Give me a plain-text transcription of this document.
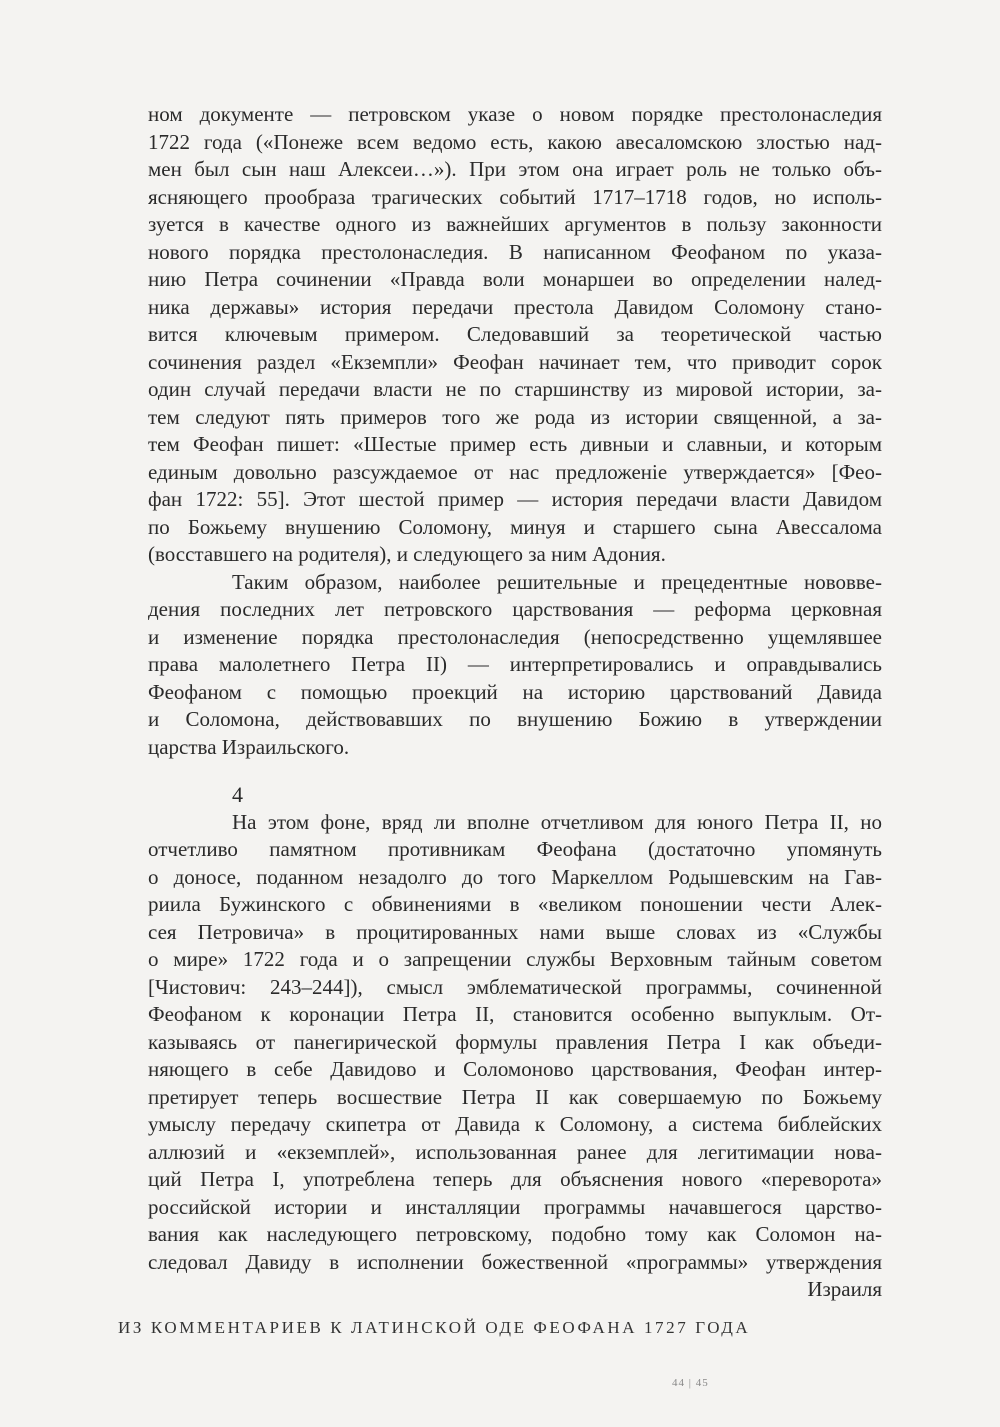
ном документе — петровском указе о новом порядке престолонаследия
1722 года («Понеже всем ведомо есть, какою авесаломскою злостью над-
мен был сын наш Алексеи…»). При этом она играет роль не только объ-
ясняющего прообраза трагических событий 1717–1718 годов, но исполь-
зуется в качестве одного из важнейших аргументов в пользу законности
нового порядка престолонаследия. В написанном Феофаном по указа-
нию Петра сочинении «Правда воли монаршеи во определении налед-
ника державы» история передачи престола Давидом Соломону стано-
вится ключевым примером. Следовавший за теоретической частью
сочинения раздел «Екземпли» Феофан начинает тем, что приводит сорок
один случай передачи власти не по старшинству из мировой истории, за-
тем следуют пять примеров того же рода из истории священной, а за-
тем Феофан пишет: «Шестые пример есть дивныи и славныи, и которым
единым довольно разсуждаемое от нас предложеніе утверждается» [Фео-
фан 1722: 55]. Этот шестой пример — история передачи власти Давидом
по Божьему внушению Соломону, минуя и старшего сына Авессалома
(восставшего на родителя), и следующего за ним Адония.
Таким образом, наиболее решительные и прецедентные нововве-
дения последних лет петровского царствования — реформа церковная
и изменение порядка престолонаследия (непосредственно ущемлявшее
права малолетнего Петра II) — интерпретировались и оправдывались
Феофаном с помощью проекций на историю царствований Давида
и Соломона, действовавших по внушению Божию в утверждении
царства Израильского.
4
На этом фоне, вряд ли вполне отчетливом для юного Петра II, но
отчетливо памятном противникам Феофана (достаточно упомянуть
о доносе, поданном незадолго до того Маркеллом Родышевским на Гав-
риила Бужинского с обвинениями в «великом поношении чести Алек-
сея Петровича» в процитированных нами выше словах из «Службы
о мире» 1722 года и о запрещении службы Верховным тайным советом
[Чистович: 243–244]), смысл эмблематической программы, сочиненной
Феофаном к коронации Петра II, становится особенно выпуклым. От-
казываясь от панегирической формулы правления Петра I как объеди-
няющего в себе Давидово и Соломоново царствования, Феофан интер-
претирует теперь восшествие Петра II как совершаемую по Божьему
умыслу передачу скипетра от Давида к Соломону, а система библейских
аллюзий и «екземплей», использованная ранее для легитимации нова-
ций Петра I, употреблена теперь для объяснения нового «переворота»
российской истории и инсталляции программы начавшегося царство-
вания как наследующего петровскому, подобно тому как Соломон на-
следовал Давиду в исполнении божественной «программы» утверждения
Израиля
ИЗ КОММЕНТАРИЕВ К ЛАТИНСКОЙ ОДЕ ФЕОФАНА 1727 ГОДА
44 | 45
